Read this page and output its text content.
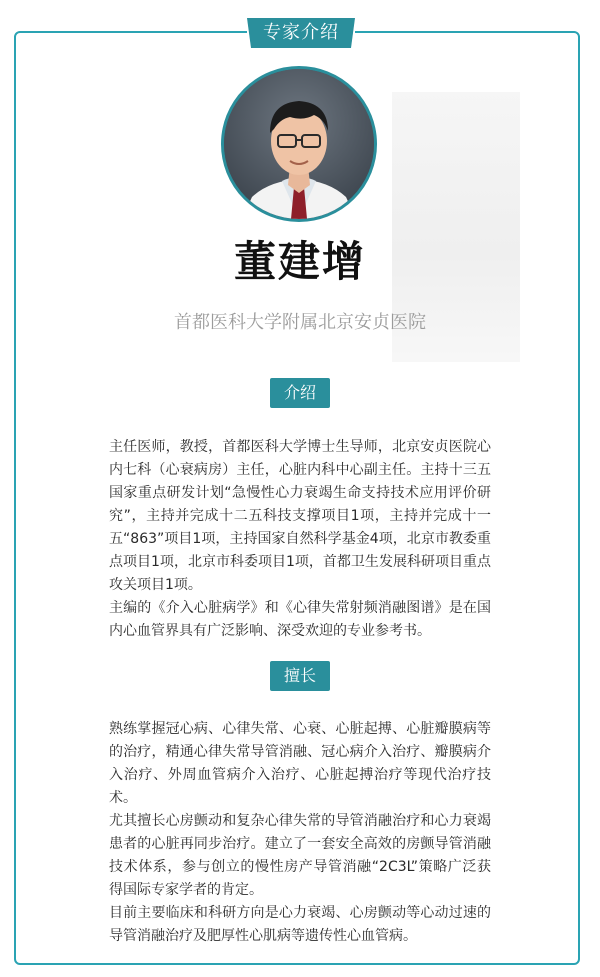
专家介绍
董建增
首都医科大学附属北京安贞医院
介绍

主任医师，教授，首都医科大学博士生导师，北京安贞医院心内七科（心衰病房）主任，心脏内科中心副主任。主持十三五国家重点研发计划“急慢性心力衰竭生命支持技术应用评价研究”，主持并完成十二五科技支撑项目1项，主持并完成十一五“863”项目1项，主持国家自然科学基金4项，北京市教委重点项目1项，北京市科委项目1项，首都卫生发展科研项目重点攻关项目1项。

主编的《介入心脏病学》和《心律失常射频消融图谱》是在国内心血管界具有广泛影响、深受欢迎的专业参考书。

擅长

熟练掌握冠心病、心律失常、心衰、心脏起搏、心脏瓣膜病等的治疗，精通心律失常导管消融、冠心病介入治疗、瓣膜病介入治疗、外周血管病介入治疗、心脏起搏治疗等现代治疗技术。

尤其擅长心房颤动和复杂心律失常的导管消融治疗和心力衰竭患者的心脏再同步治疗。建立了一套安全高效的房颤导管消融技术体系，参与创立的慢性房产导管消融“2C3L”策略广泛获得国际专家学者的肯定。

目前主要临床和科研方向是心力衰竭、心房颤动等心动过速的导管消融治疗及肥厚性心肌病等遗传性心血管病。
